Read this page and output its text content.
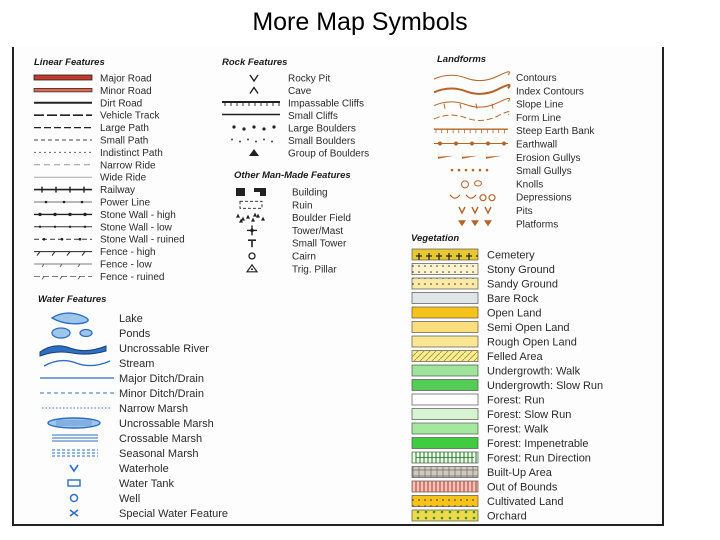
More Map Symbols
Linear Features	Rock Features
Other Man-Made Features
Landforms
Water Features
Vegetation
Major Road
Minor Road
Dirt Road
Vehicle Track
Large Path
Small Path
Indistinct Path
Narrow Ride
Wide Ride
Railway
Power Line
Stone Wall - high
Stone Wall - low
Stone Wall - ruined
Fence - high
Fence - low
Fence - ruined
Rocky Pit
Cave
Impassable Cliffs
Small Cliffs
Large Boulders
Small Boulders
Group of Boulders
Building
Ruin
Boulder Field
Tower/Mast
Small Tower
Cairn
Trig. Pillar
Contours
Index Contours
Slope Line
Form Line
Steep Earth Bank
Earthwall
Erosion Gullys
Small Gullys
Knolls
Depressions
Pits
Platforms
Lake
Ponds
Uncrossable River
Stream
Major Ditch/Drain
Minor Ditch/Drain
Narrow Marsh
Uncrossable Marsh
Crossable Marsh
Seasonal Marsh
Waterhole
Water Tank
Well
Special Water Feature
Cemetery
Stony Ground
Sandy Ground
Bare Rock
Open Land
Semi Open Land
Rough Open Land
Felled Area
Undergrowth: Walk
Undergrowth: Slow Run
Forest: Run
Forest: Slow Run
Forest: Walk
Forest: Impenetrable
Forest: Run Direction
Built-Up Area
Out of Bounds
Cultivated Land
Orchard
